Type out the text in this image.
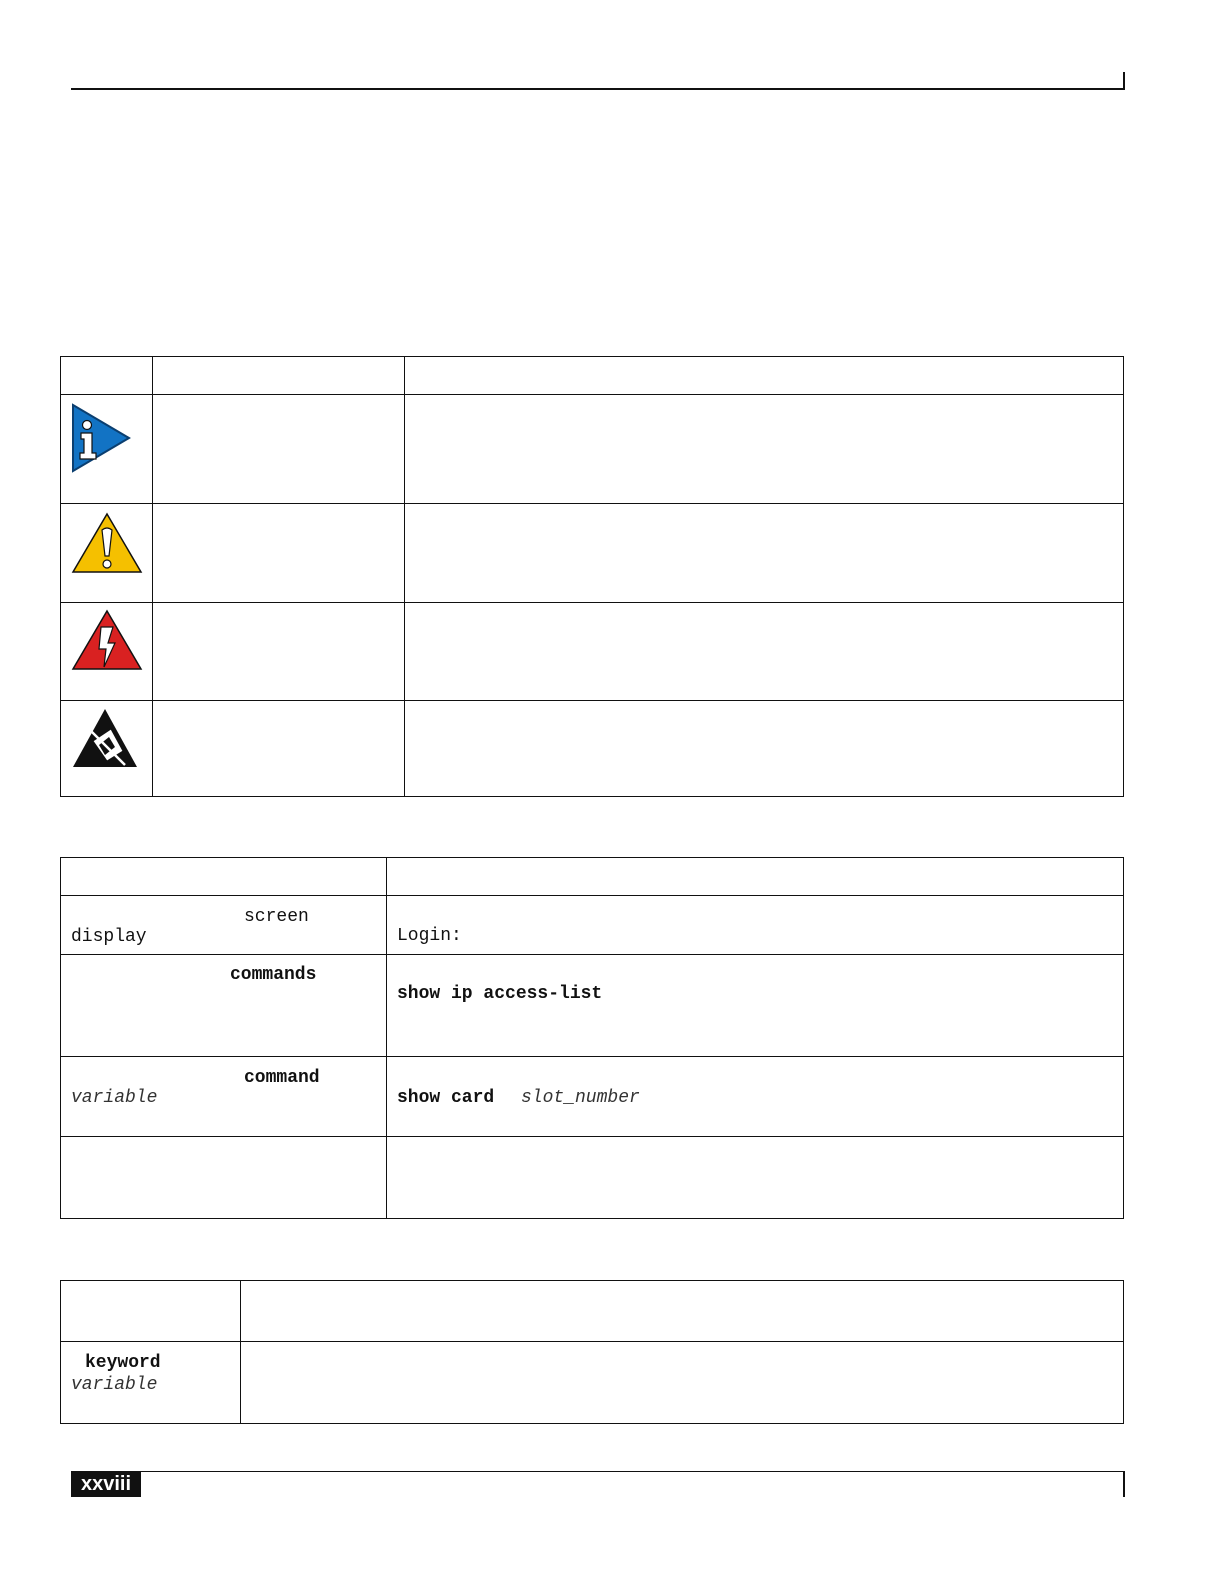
screen
display	Login:

commands	show ip access-list

command
variable	show card slot_number

keyword
variable	

xxviii
